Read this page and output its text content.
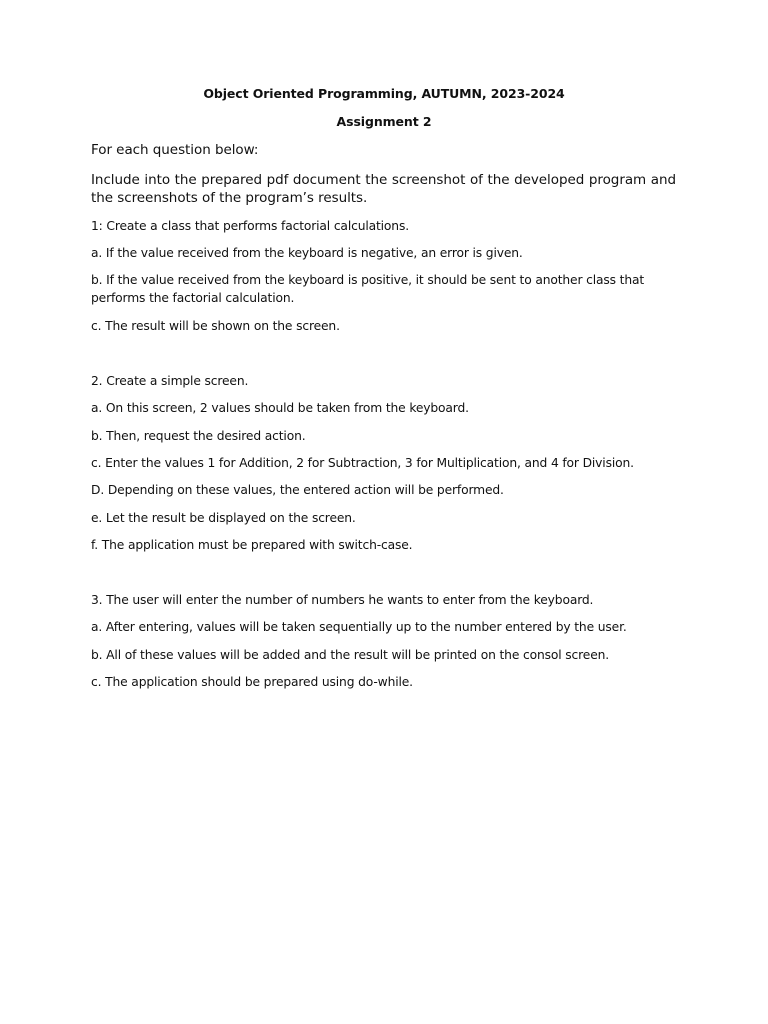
Object Oriented Programming, AUTUMN, 2023-2024
Assignment 2
For each question below:
Include into the prepared pdf document the screenshot of the developed program and the screenshots of the program’s results.
1: Create a class that performs factorial calculations.
a. If the value received from the keyboard is negative, an error is given.
b. If the value received from the keyboard is positive, it should be sent to another class that performs the factorial calculation.
c. The result will be shown on the screen.
2. Create a simple screen.
a. On this screen, 2 values should be taken from the keyboard.
b. Then, request the desired action.
c. Enter the values 1 for Addition, 2 for Subtraction, 3 for Multiplication, and 4 for Division.
D. Depending on these values, the entered action will be performed.
e. Let the result be displayed on the screen.
f. The application must be prepared with switch-case.
3. The user will enter the number of numbers he wants to enter from the keyboard.
a. After entering, values will be taken sequentially up to the number entered by the user.
b. All of these values will be added and the result will be printed on the consol screen.
c. The application should be prepared using do-while.
